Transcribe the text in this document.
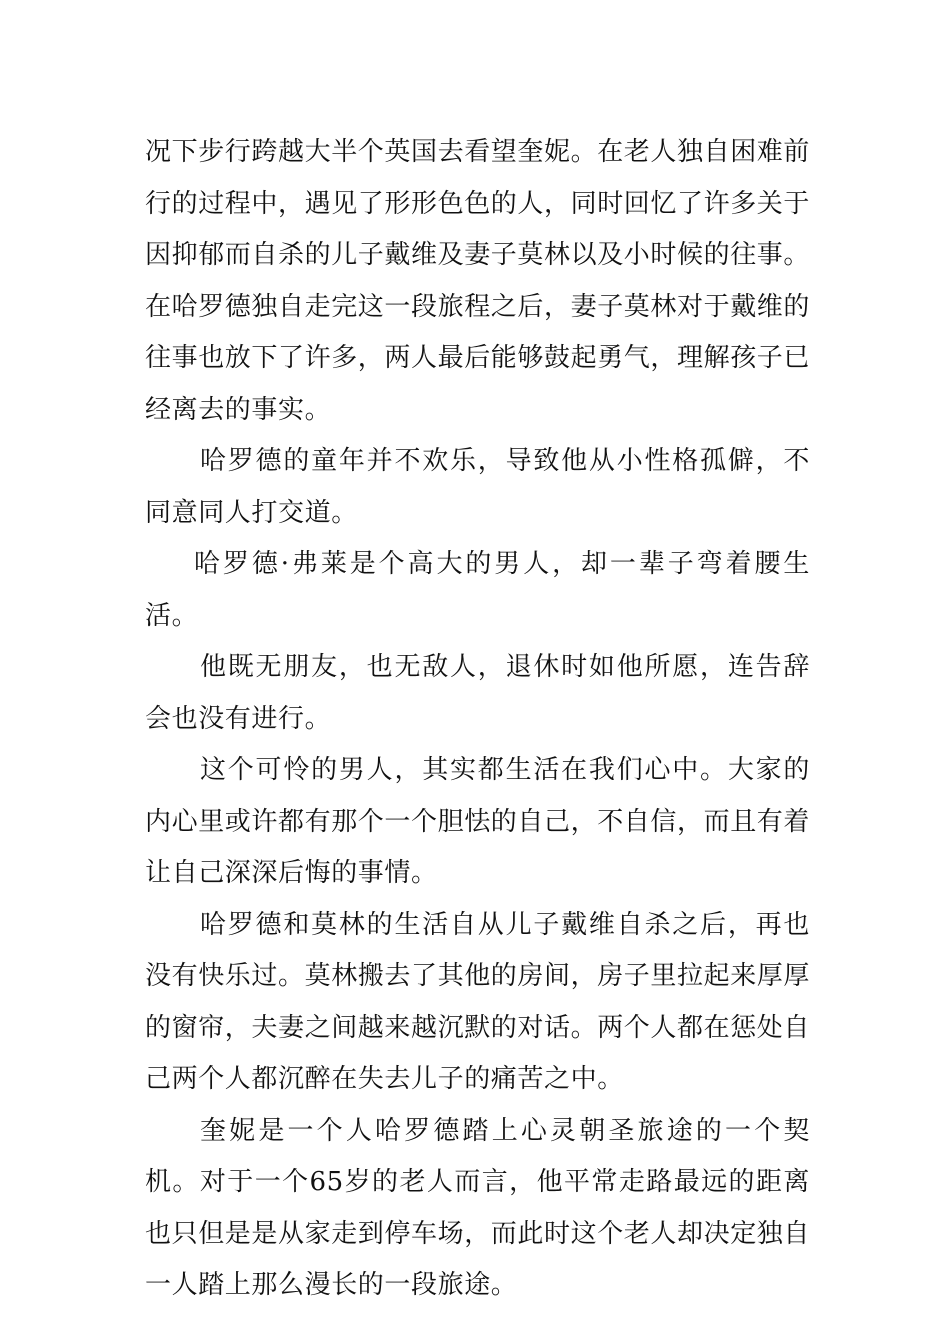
况下步行跨越大半个英国去看望奎妮。在老人独自困难前行的过程中，遇见了形形色色的人，同时回忆了许多关于因抑郁而自杀的儿子戴维及妻子莫林以及小时候的往事。在哈罗德独自走完这一段旅程之后，妻子莫林对于戴维的往事也放下了许多，两人最后能够鼓起勇气，理解孩子已经离去的事实。

哈罗德的童年并不欢乐，导致他从小性格孤僻，不同意同人打交道。

哈罗德·弗莱是个高大的男人，却一辈子弯着腰生活。

他既无朋友，也无敌人，退休时如他所愿，连告辞会也没有进行。

这个可怜的男人，其实都生活在我们心中。大家的内心里或许都有那个一个胆怯的自己，不自信，而且有着让自己深深后悔的事情。

哈罗德和莫林的生活自从儿子戴维自杀之后，再也没有快乐过。莫林搬去了其他的房间，房子里拉起来厚厚的窗帘，夫妻之间越来越沉默的对话。两个人都在惩处自己两个人都沉醉在失去儿子的痛苦之中。

奎妮是一个人哈罗德踏上心灵朝圣旅途的一个契机。对于一个65岁的老人而言，他平常走路最远的距离也只但是是从家走到停车场，而此时这个老人却决定独自一人踏上那么漫长的一段旅途。
